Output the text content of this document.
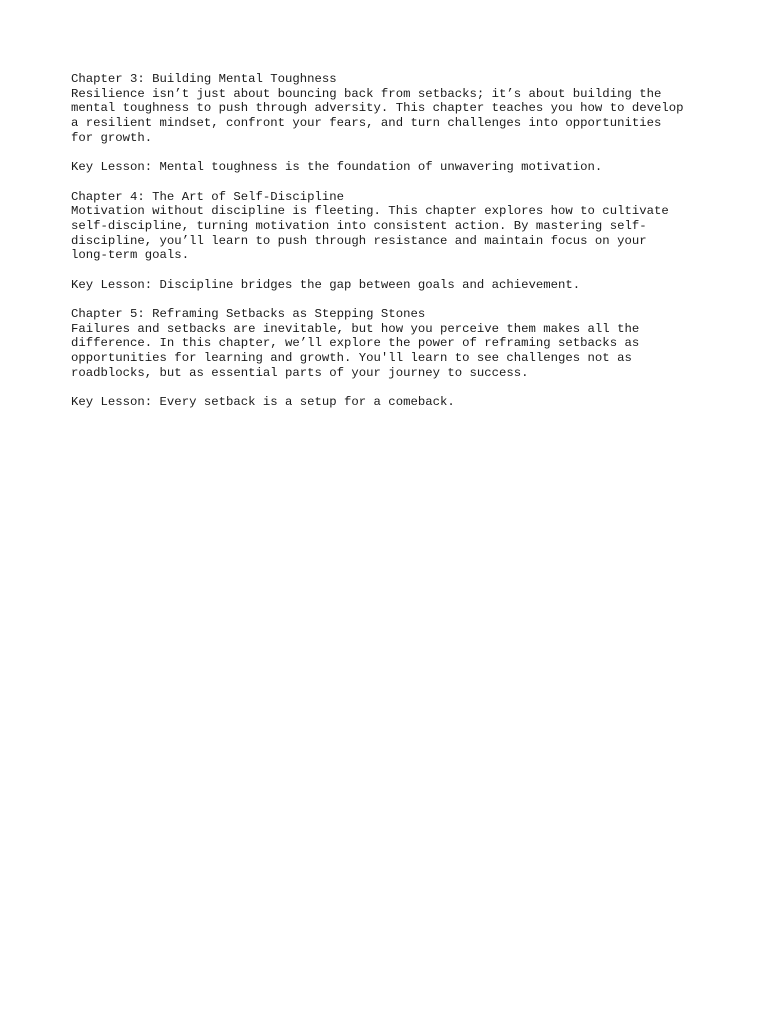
Chapter 3: Building Mental Toughness
Resilience isn’t just about bouncing back from setbacks; it’s about building the
mental toughness to push through adversity. This chapter teaches you how to develop
a resilient mindset, confront your fears, and turn challenges into opportunities
for growth.
Key Lesson: Mental toughness is the foundation of unwavering motivation.
Chapter 4: The Art of Self-Discipline
Motivation without discipline is fleeting. This chapter explores how to cultivate
self-discipline, turning motivation into consistent action. By mastering self-
discipline, you’ll learn to push through resistance and maintain focus on your
long-term goals.
Key Lesson: Discipline bridges the gap between goals and achievement.
Chapter 5: Reframing Setbacks as Stepping Stones
Failures and setbacks are inevitable, but how you perceive them makes all the
difference. In this chapter, we’ll explore the power of reframing setbacks as
opportunities for learning and growth. You'll learn to see challenges not as
roadblocks, but as essential parts of your journey to success.
Key Lesson: Every setback is a setup for a comeback.
